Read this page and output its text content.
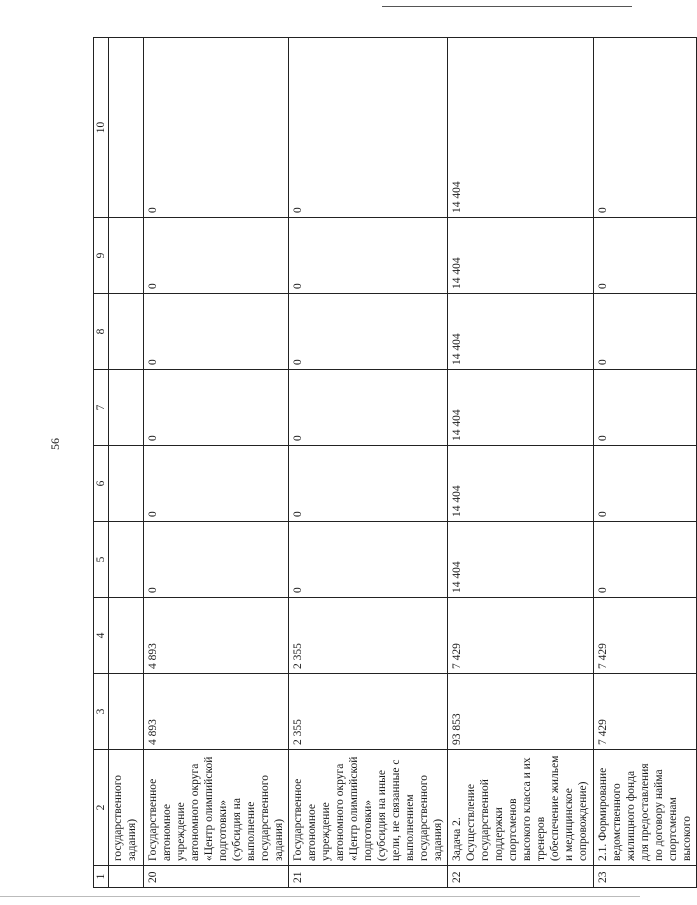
56
1	2	3	4	5	6	7	8	9	10
	государственного задания)								
20	Государственное автономное учреждение автономного округа «Центр олимпийской подготовки» (субсидия на выполнение государственного задания)	4 893	4 893	0	0	0	0	0	0
21	Государственное автономное учреждение автономного округа «Центр олимпийской подготовки» (субсидия на иные цели, не связанные с выполнением государственного задания)	2 355	2 355	0	0	0	0	0	0
22	Задача 2. Осуществление государственной поддержки спортсменов высокого класса и их тренеров (обеспечение жильем и медицинское сопровождение)	93 853	7 429	14 404	14 404	14 404	14 404	14 404	14 404
23	2.1. Формирование ведомственного жилищного фонда для предоставления по договору найма спортсменам высокого	7 429	7 429	0	0	0	0	0	0
